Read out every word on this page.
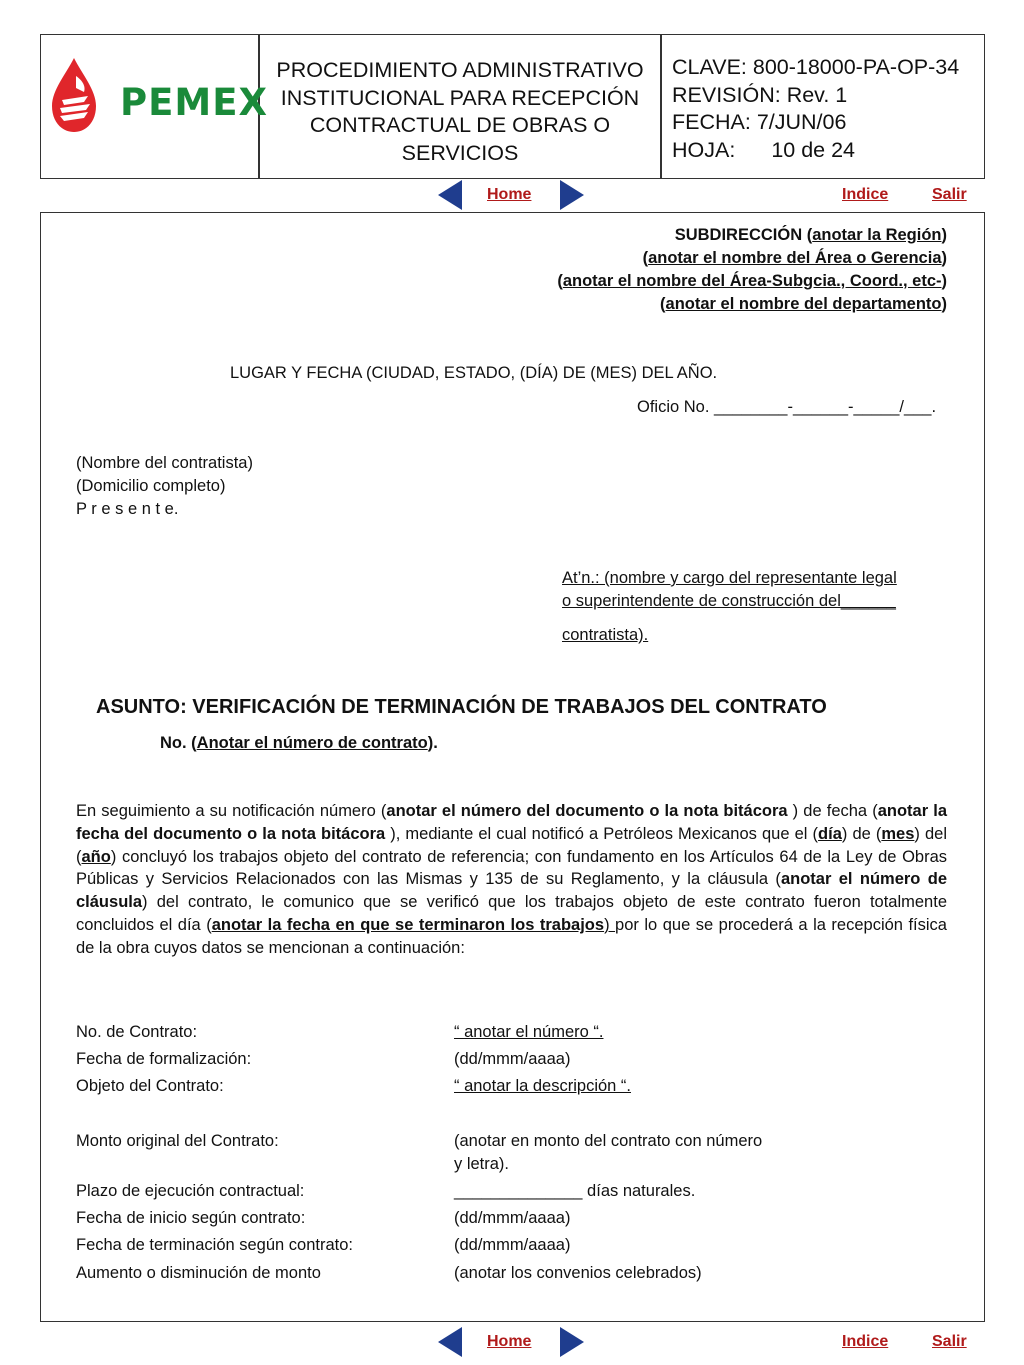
PEMEX
PROCEDIMIENTO ADMINISTRATIVO
INSTITUCIONAL PARA RECEPCIÓN
CONTRACTUAL DE OBRAS O
SERVICIOS
CLAVE: 800-18000-PA-OP-34
REVISIÓN: Rev. 1
FECHA: 7/JUN/06
HOJA: 10 de 24
Home	Indice	Salir
SUBDIRECCIÓN (anotar la Región)
(anotar el nombre del Área o Gerencia)
(anotar el nombre del Área-Subgcia., Coord., etc-)
(anotar el nombre del departamento)
LUGAR Y FECHA (CIUDAD, ESTADO, (DÍA) DE (MES) DEL AÑO.
Oficio No. ________-______-_____/___.
(Nombre del contratista)
(Domicilio completo)
P r e s e n t e.
At’n.: (nombre y cargo del representante legal
o superintendente de construcción del______
contratista).
ASUNTO: VERIFICACIÓN DE TERMINACIÓN DE TRABAJOS DEL CONTRATO
No. (Anotar el número de contrato).
En seguimiento a su notificación número (anotar el número del documento o la nota bitácora ) de fecha (anotar la fecha del documento o la nota bitácora ), mediante el cual notificó a Petróleos Mexicanos que el (día) de (mes) del (año) concluyó los trabajos objeto del contrato de referencia; con fundamento en los Artículos 64 de la Ley de Obras Públicas y Servicios Relacionados con las Mismas y 135 de su Reglamento, y la cláusula (anotar el número de cláusula) del contrato, le comunico que se verificó que los trabajos objeto de este contrato fueron totalmente concluidos el día (anotar la fecha en que se terminaron los trabajos) por lo que se procederá a la recepción física de la obra cuyos datos se mencionan a continuación:
No. de Contrato:	“ anotar el número “.
Fecha de formalización:	(dd/mmm/aaaa)
Objeto del Contrato:	“ anotar la descripción “.
Monto original del Contrato:	(anotar en monto del contrato con número
y letra).
Plazo de ejecución contractual:	______________ días naturales.
Fecha de inicio según contrato:	(dd/mmm/aaaa)
Fecha de terminación según contrato:	(dd/mmm/aaaa)
Aumento o disminución de monto	(anotar los convenios celebrados)
Home	Indice	Salir
